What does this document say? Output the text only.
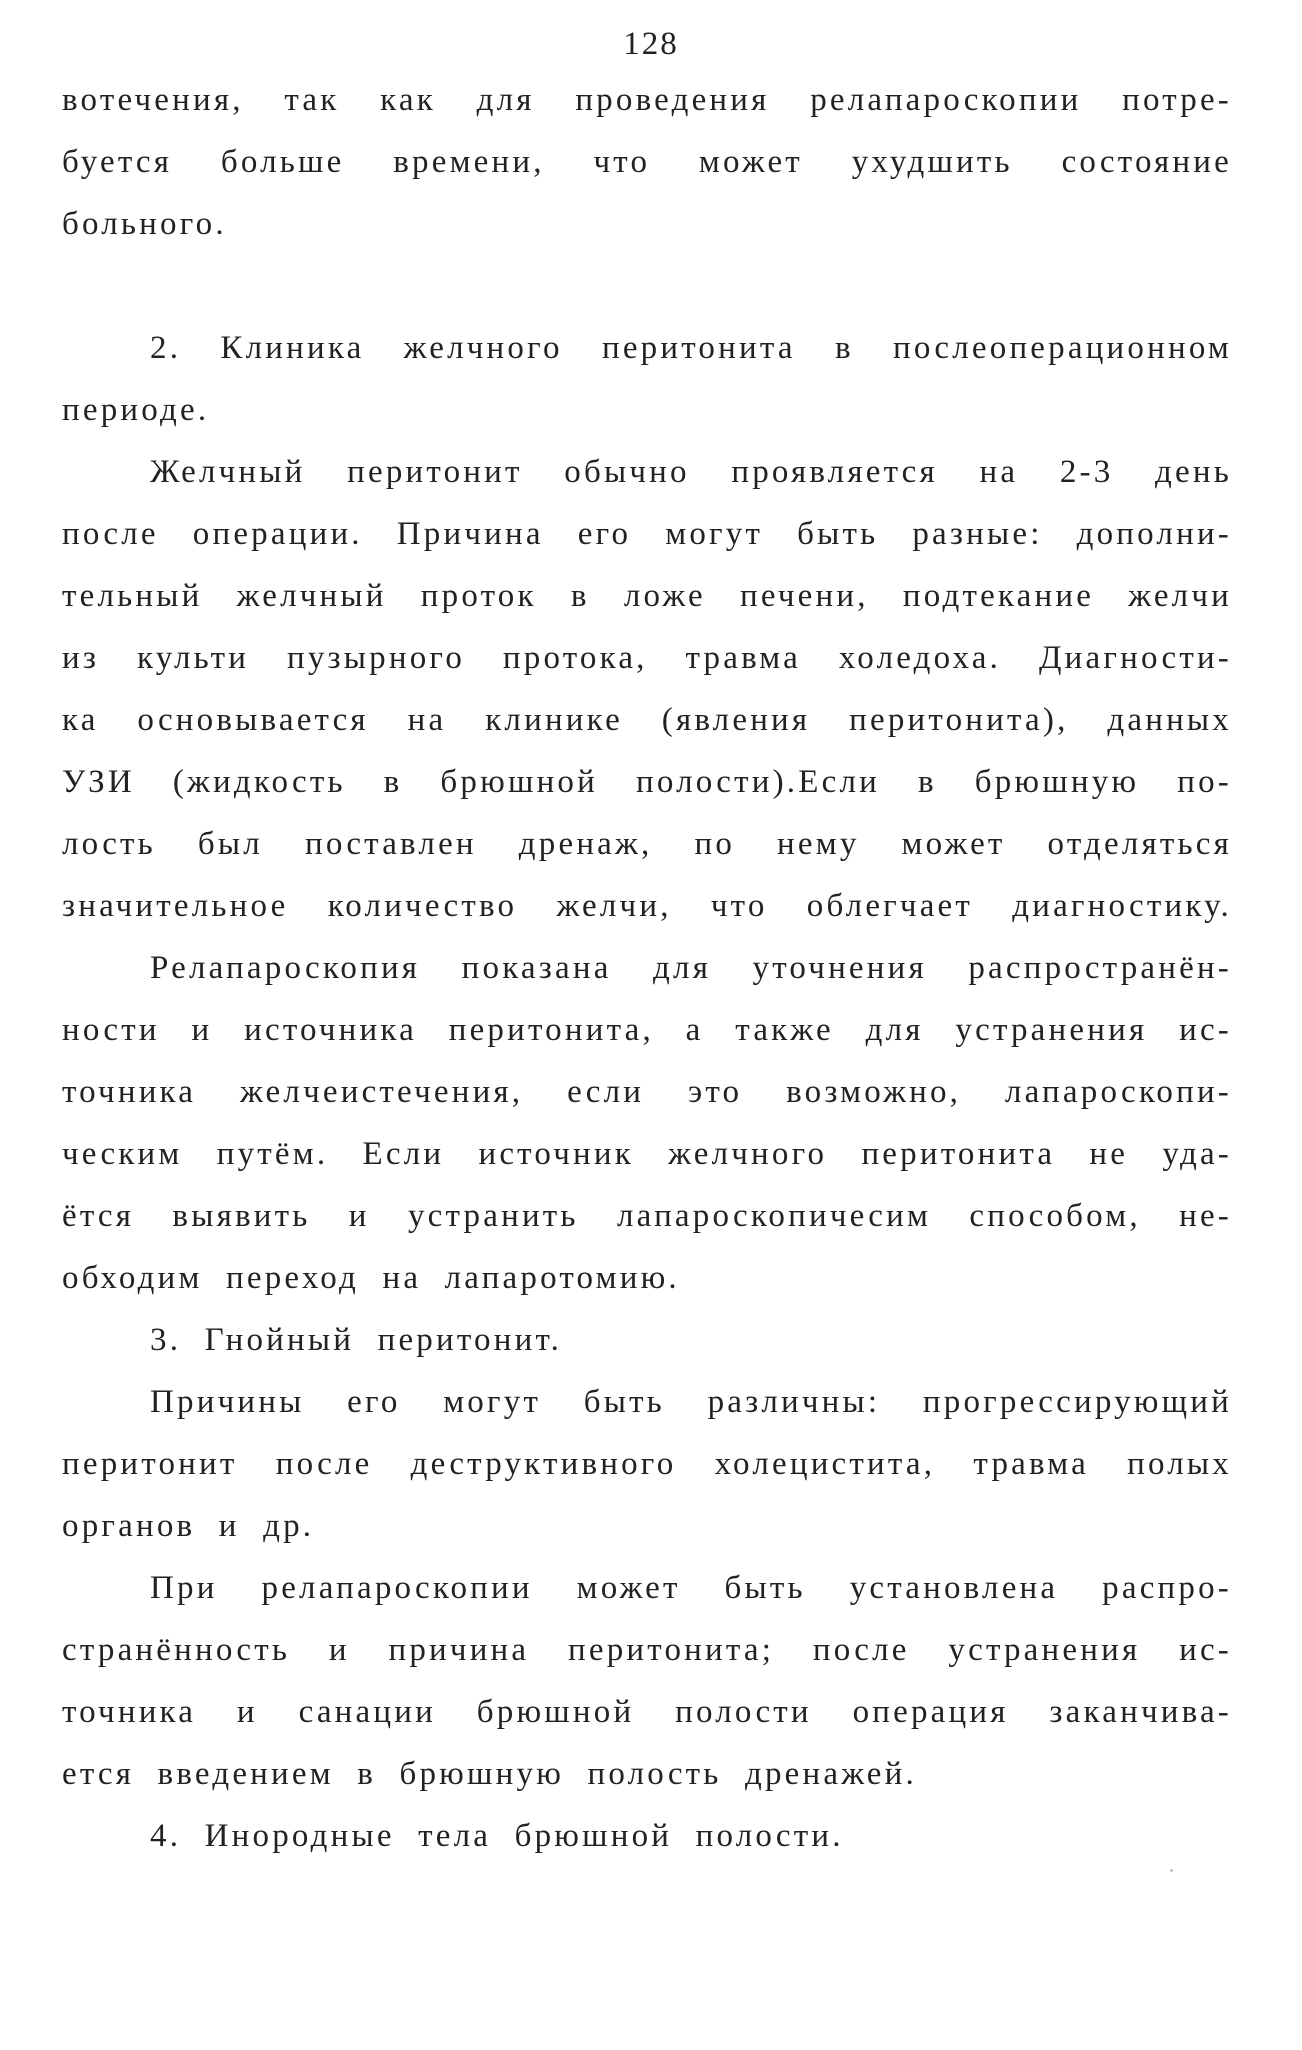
128
вотечения, так как для проведения релапароскопии потре-
буется больше времени, что может ухудшить состояние
больного.
2. Клиника желчного перитонита в послеоперационном
периоде.
Желчный перитонит обычно проявляется на 2-3 день
после операции. Причина его могут быть разные: дополни-
тельный желчный проток в ложе печени, подтекание желчи
из культи пузырного протока, травма холедоха. Диагности-
ка основывается на клинике (явления перитонита), данных
УЗИ (жидкость в брюшной полости).Если в брюшную по-
лость был поставлен дренаж, по нему может отделяться
значительное количество желчи, что облегчает диагностику.
Релапароскопия показана для уточнения распространён-
ности и источника перитонита, а также для устранения ис-
точника желчеистечения, если это возможно, лапароскопи-
ческим путём. Если источник желчного перитонита не уда-
ётся выявить и устранить лапароскопичесим способом, не-
обходим переход на лапаротомию.
3. Гнойный перитонит.
Причины его могут быть различны: прогрессирующий
перитонит после деструктивного холецистита, травма полых
органов и др.
При релапароскопии может быть установлена распро-
странённость и причина перитонита; после устранения ис-
точника и санации брюшной полости операция заканчива-
ется введением в брюшную полость дренажей.
4. Инородные тела брюшной полости.
